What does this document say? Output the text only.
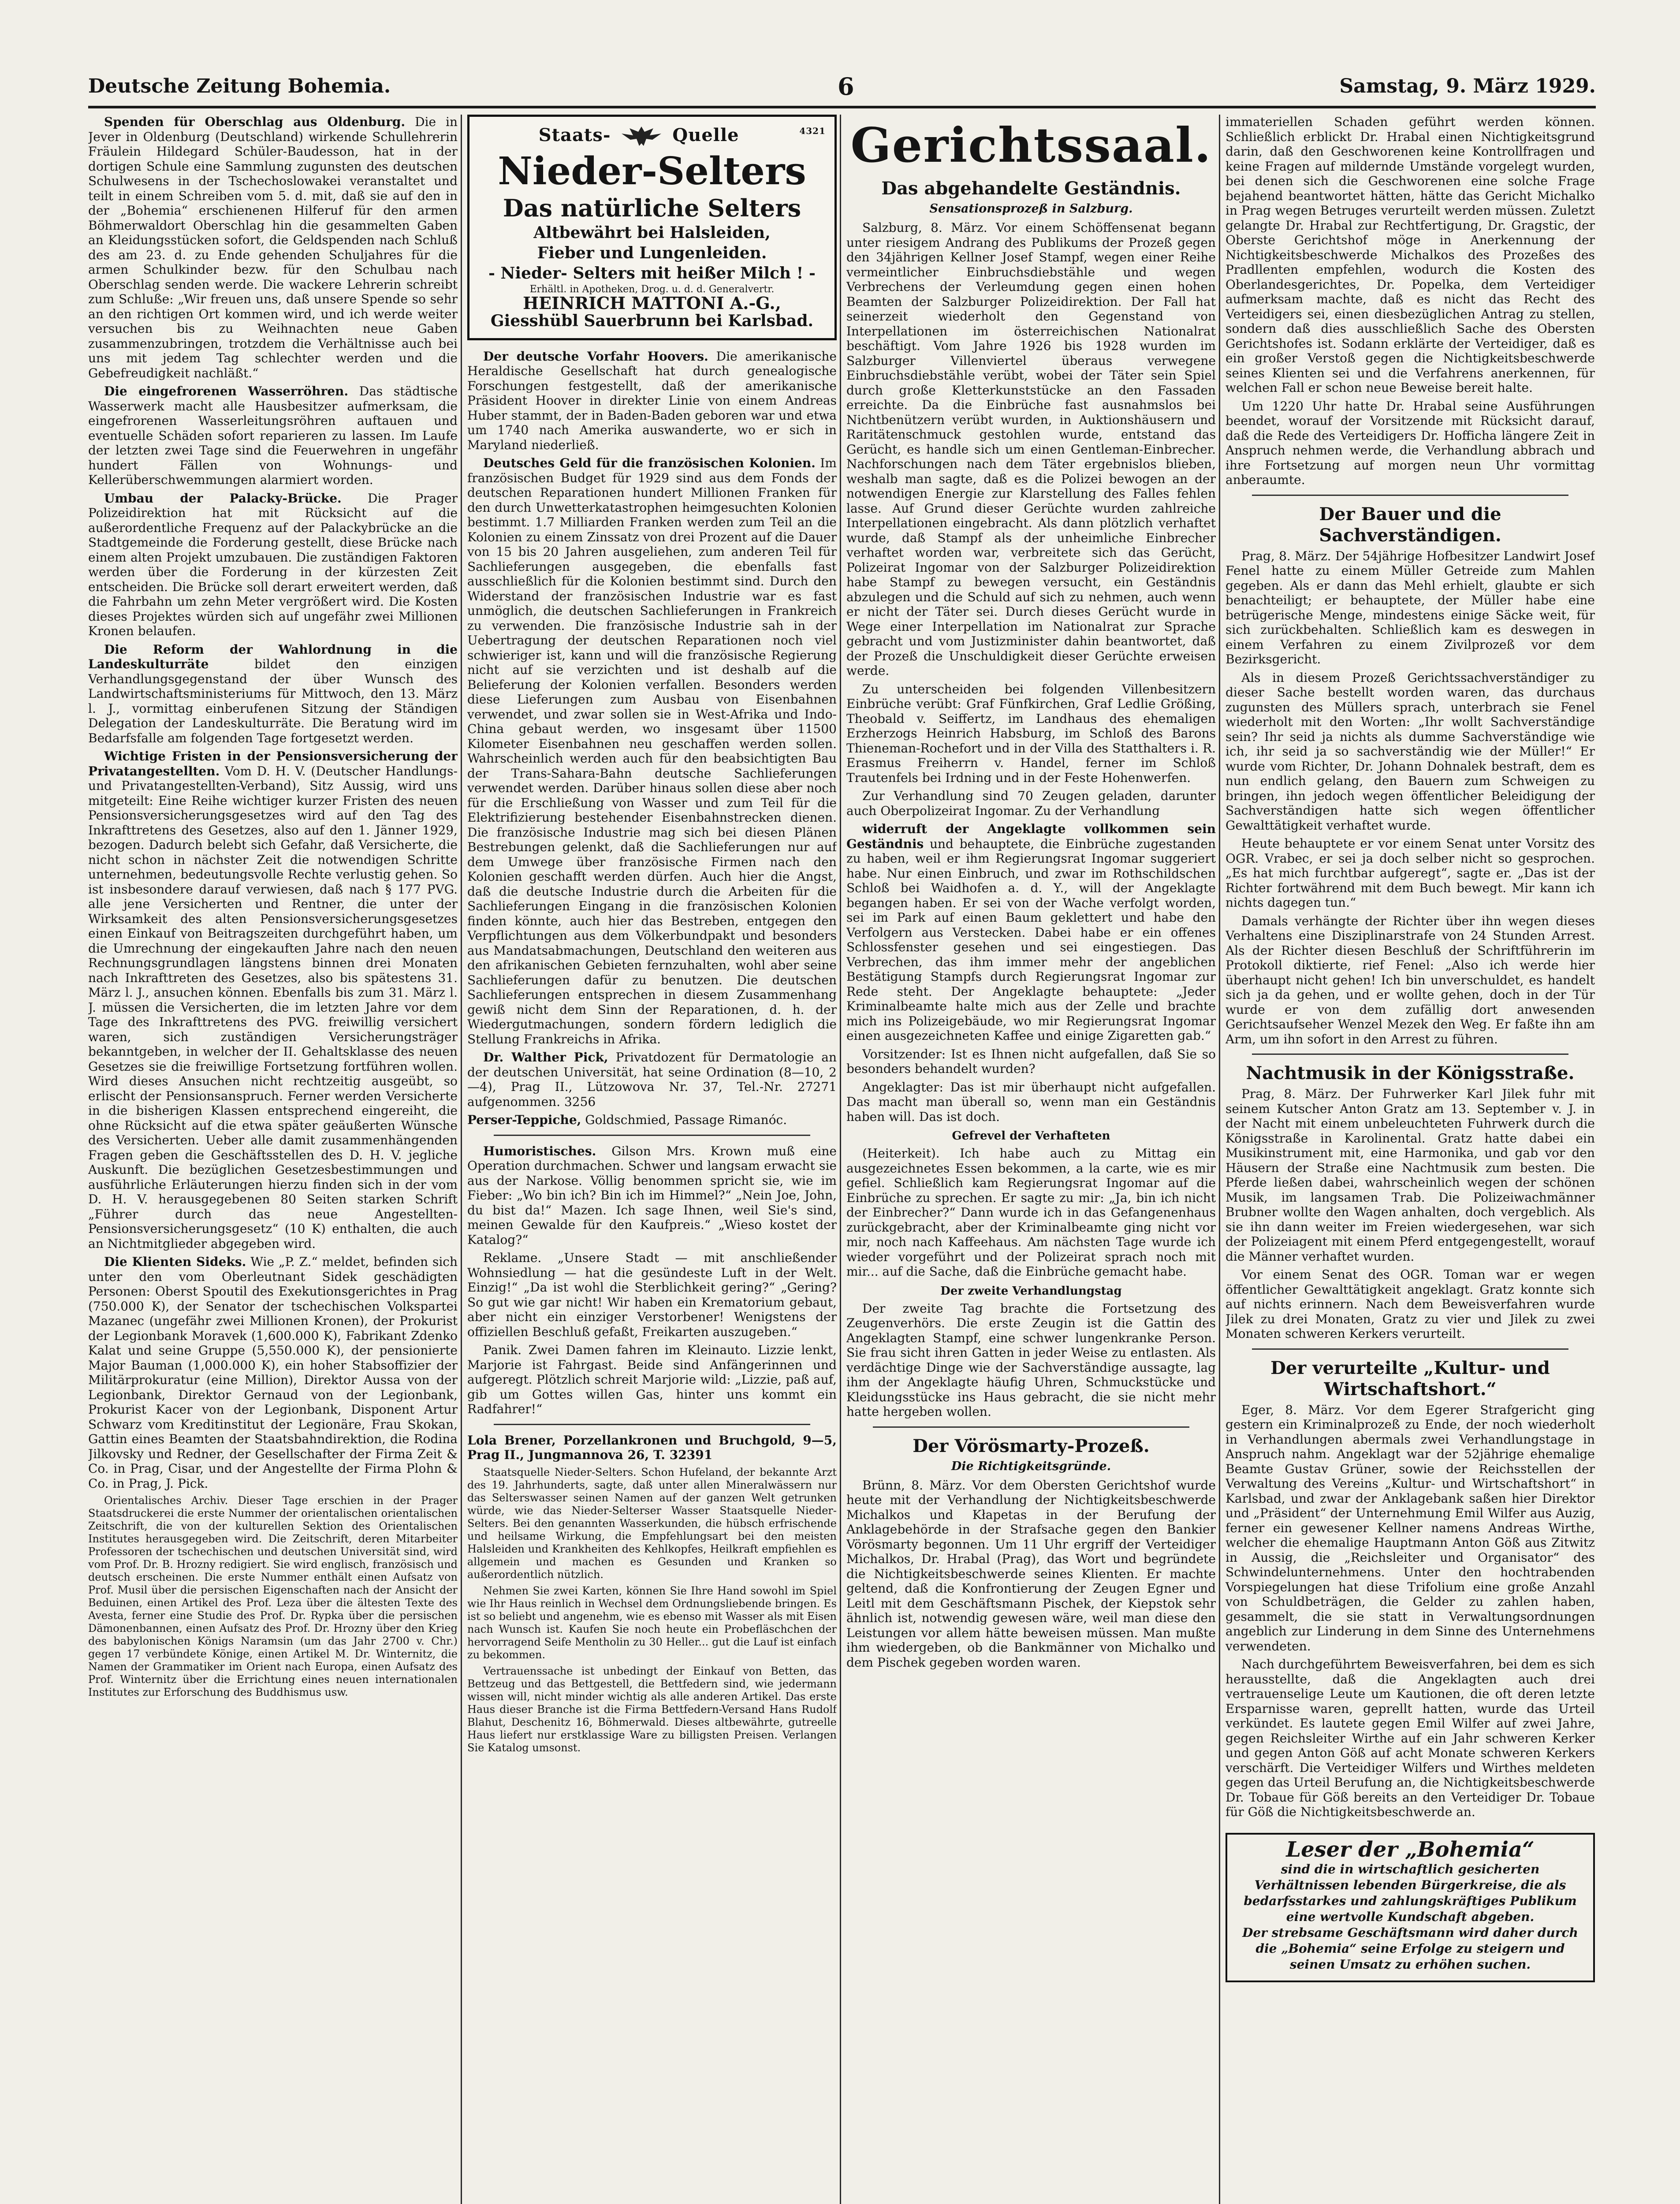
Deutsche Zeitung Bohemia.	6	Samstag, 9. März 1929.

Spenden für Oberschlag aus Oldenburg. Die in Jever in Oldenburg (Deutschland) wirkende Schullehrerin Fräulein Hildegard Schüler-Baudesson, hat in der dortigen Schule eine Sammlung zugunsten des deutschen Schulwesens in der Tschechoslowakei veranstaltet und teilt in einem Schreiben vom 5. d. mit, daß sie auf den in der „Bohemia“ erschienenen Hilferuf für den armen Böhmerwaldort Oberschlag hin die gesammelten Gaben an Kleidungsstücken sofort, die Geldspenden nach Schluß des am 23. d. zu Ende gehenden Schuljahres für die armen Schulkinder bezw. für den Schulbau nach Oberschlag senden werde. Die wackere Lehrerin schreibt zum Schluße: „Wir freuen uns, daß unsere Spende so sehr an den richtigen Ort kommen wird, und ich werde weiter versuchen bis zu Weihnachten neue Gaben zusammenzubringen, trotzdem die Verhältnisse auch bei uns mit jedem Tag schlechter werden und die Gebefreudigkeit nachläßt.“

Die eingefrorenen Wasserröhren. Das städtische Wasserwerk macht alle Hausbesitzer aufmerksam, die eingefrorenen Wasserleitungsröhren auftauen und eventuelle Schäden sofort reparieren zu lassen. Im Laufe der letzten zwei Tage sind die Feuerwehren in ungefähr hundert Fällen von Wohnungs- und Kellerüberschwemmungen alarmiert worden.

Umbau der Palacky-Brücke. Die Prager Polizeidirektion hat mit Rücksicht auf die außerordentliche Frequenz auf der Palackybrücke an die Stadtgemeinde die Forderung gestellt, diese Brücke nach einem alten Projekt umzubauen. Die zuständigen Faktoren werden über die Forderung in der kürzesten Zeit entscheiden. Die Brücke soll derart erweitert werden, daß die Fahrbahn um zehn Meter vergrößert wird. Die Kosten dieses Projektes würden sich auf ungefähr zwei Millionen Kronen belaufen.

Die Reform der Wahlordnung in die Landeskulturräte	bildet den einzigen Verhandlungsgegenstand der über Wunsch des Landwirtschaftsministeriums für Mittwoch, den 13. März l. J., vormittag einberufenen Sitzung der Ständigen Delegation der Landeskulturräte. Die Beratung wird im Bedarfsfalle am folgenden Tage fortgesetzt werden.

Wichtige Fristen in der Pensionsversicherung der Privatangestellten. Vom D. H. V. (Deutscher Handlungs- und Privatangestellten-Verband), Sitz Aussig, wird uns mitgeteilt: Eine Reihe wichtiger kurzer Fristen des neuen Pensionsversicherungsgesetzes wird auf den Tag des Inkrafttretens des Gesetzes, also auf den 1. Jänner 1929, bezogen. Dadurch belebt sich Gefahr, daß Versicherte, die nicht schon in nächster Zeit die notwendigen Schritte unternehmen, bedeutungsvolle Rechte verlustig gehen. So ist insbesondere darauf verwiesen, daß nach § 177 PVG. alle jene Versicherten und Rentner, die unter der Wirksamkeit des alten Pensionsversicherungsgesetzes einen Einkauf von Beitragszeiten durchgeführt haben, um die Umrechnung der eingekauften Jahre nach den neuen Rechnungsgrundlagen längstens binnen drei Monaten nach Inkrafttreten des Gesetzes, also bis spätestens 31. März l. J., ansuchen können. Ebenfalls bis zum 31. März l. J. müssen die Versicherten, die im letzten Jahre vor dem Tage des Inkrafttretens des PVG. freiwillig versichert waren, sich zuständigen Versicherungsträger bekanntgeben, in welcher der II. Gehaltsklasse des neuen Gesetzes sie die freiwillige Fortsetzung fortführen wollen. Wird dieses Ansuchen nicht rechtzeitig ausgeübt, so erlischt der Pensionsanspruch. Ferner werden Versicherte in die bisherigen Klassen entsprechend eingereiht, die ohne Rücksicht auf die etwa später geäußerten Wünsche des Versicherten. Ueber alle damit zusammenhängenden Fragen geben die Geschäftsstellen des D. H. V. jegliche Auskunft. Die bezüglichen Gesetzesbestimmungen und ausführliche Erläuterungen hierzu finden sich in der vom D. H. V. herausgegebenen 80 Seiten starken Schrift „Führer durch das neue Angestellten-Pensionsversicherungsgesetz“ (10 K) enthalten, die auch an Nichtmitglieder abgegeben wird.

Die Klienten Sideks. Wie „P. Z.“ meldet, befinden sich unter den vom Oberleutnant Sidek geschädigten Personen: Oberst Spoutil des Exekutionsgerichtes in Prag (750.000 K), der Senator der tschechischen Volkspartei Mazanec (ungefähr zwei Millionen Kronen), der Prokurist der Legionbank Moravek (1,600.000 K), Fabrikant Zdenko Kalat und seine Gruppe (5,550.000 K), der pensionierte Major Bauman (1,000.000 K), ein hoher Stabsoffizier der Militärprokuratur (eine Million), Direktor Aussa von der Legionbank, Direktor Gernaud von der Legionbank, Prokurist Kacer von der Legionbank, Disponent Artur Schwarz vom Kreditinstitut der Legionäre, Frau Skokan, Gattin eines Beamten der Staatsbahndirektion, die Rodina Jilkovsky und Redner, der Gesellschafter der Firma Zeit & Co. in Prag, Cisar, und der Angestellte der Firma Plohn & Co. in Prag, J. Pick.

Orientalisches Archiv. Dieser Tage erschien in der Prager Staatsdruckerei die erste Nummer der orientalischen orientalischen Zeitschrift, die von der kulturellen Sektion des Orientalischen Institutes herausgegeben wird. Die Zeitschrift, deren Mitarbeiter Professoren der tschechischen und deutschen Universität sind, wird vom Prof. Dr. B. Hrozny redigiert. Sie wird englisch, französisch und deutsch erscheinen. Die erste Nummer enthält einen Aufsatz von Prof. Musil über die persischen Eigenschaften nach der Ansicht der Beduinen, einen Artikel des Prof. Leza über die ältesten Texte des Avesta, ferner eine Studie des Prof. Dr. Rypka über die persischen Dämonenbannen, einen Aufsatz des Prof. Dr. Hrozny über den Krieg des babylonischen Königs Naramsin (um das Jahr 2700 v. Chr.) gegen 17 verbündete Könige, einen Artikel M. Dr. Winternitz, die Namen der Grammatiker im Orient nach Europa, einen Aufsatz des Prof. Winternitz über die Errichtung eines neuen internationalen Institutes zur Erforschung des Buddhismus usw.

Staats-	Quelle	4321
Nieder-Selters
Das natürliche Selters
Altbewährt bei Halsleiden,
Fieber und Lungenleiden.
- Nieder- Selters mit heißer Milch ! -
Erhältl. in Apotheken, Drog. u. d. d. Generalvertr.
HEINRICH MATTONI A.-G.,
Giesshübl Sauerbrunn bei Karlsbad.

Der deutsche Vorfahr Hoovers. Die amerikanische Heraldische Gesellschaft hat durch genealogische Forschungen festgestellt, daß der amerikanische Präsident Hoover in direkter Linie von einem Andreas Huber stammt, der in Baden-Baden geboren war und etwa um 1740 nach Amerika auswanderte, wo er sich in Maryland niederließ.

Deutsches Geld für die französischen Kolonien. Im französischen Budget für 1929 sind aus dem Fonds der deutschen Reparationen hundert Millionen Franken für den durch Unwetterkatastrophen heimgesuchten Kolonien bestimmt. 1.7 Milliarden Franken werden zum Teil an die Kolonien zu einem Zinssatz von drei Prozent auf die Dauer von 15 bis 20 Jahren ausgeliehen, zum anderen Teil für Sachlieferungen ausgegeben, die ebenfalls fast ausschließlich für die Kolonien bestimmt sind. Durch den Widerstand der französischen Industrie war es fast unmöglich, die deutschen Sachlieferungen in Frankreich zu verwenden. Die französische Industrie sah in der Uebertragung der deutschen Reparationen noch viel schwieriger ist, kann und will die französische Regierung nicht auf sie verzichten und ist deshalb auf die Belieferung der Kolonien verfallen. Besonders werden diese Lieferungen zum Ausbau von Eisenbahnen verwendet, und zwar sollen sie in West-Afrika und Indo-China gebaut werden, wo insgesamt über 11500 Kilometer Eisenbahnen neu geschaffen werden sollen. Wahrscheinlich werden auch für den beabsichtigten Bau der Trans-Sahara-Bahn deutsche Sachlieferungen verwendet werden. Darüber hinaus sollen diese aber noch für die Erschließung von Wasser und zum Teil für die Elektrifizierung bestehender Eisenbahnstrecken dienen. Die französische Industrie mag sich bei diesen Plänen Bestrebungen gelenkt, daß die Sachlieferungen nur auf dem Umwege über französische Firmen nach den Kolonien geschafft werden dürfen. Auch hier die Angst, daß die deutsche Industrie durch die Arbeiten für die Sachlieferungen Eingang in die französischen Kolonien finden könnte, auch hier das Bestreben, entgegen den Verpflichtungen aus dem Völkerbundpakt und besonders aus Mandatsabmachungen, Deutschland den weiteren aus den afrikanischen Gebieten fernzuhalten, wohl aber seine Sachlieferungen dafür zu benutzen. Die deutschen Sachlieferungen entsprechen in diesem Zusammenhang gewiß nicht dem Sinn der Reparationen, d. h. der Wiedergutmachungen, sondern fördern lediglich die Stellung Frankreichs in Afrika.

Dr. Walther Pick, Privatdozent für Dermatologie an der deutschen Universität, hat seine Ordination (8—10, 2—4), Prag II., Lützowova Nr. 37, Tel.-Nr. 27271 aufgenommen. 3256

Perser-Teppiche, Goldschmied, Passage Rimanóc.

Humoristisches. Gilson Mrs. Krown muß eine Operation durchmachen. Schwer und langsam erwacht sie aus der Narkose. Völlig benommen spricht sie, wie im Fieber: „Wo bin ich? Bin ich im Himmel?“ „Nein Joe, John, du bist da!“ Mazen. Ich sage Ihnen, weil Sie's sind, meinen Gewalde für den Kaufpreis.“ „Wieso kostet der Katalog?“

Reklame. „Unsere Stadt — mit anschließender Wohnsiedlung — hat die gesündeste Luft in der Welt. Einzig!“ „Da ist wohl die Sterblichkeit gering?“ „Gering? So gut wie gar nicht! Wir haben ein Krematorium gebaut, aber nicht ein einziger Verstorbener! Wenigstens der offiziellen Beschluß gefaßt, Freikarten auszugeben.“

Panik. Zwei Damen fahren im Kleinauto. Lizzie lenkt, Marjorie ist Fahrgast. Beide sind Anfängerinnen und aufgeregt. Plötzlich schreit Marjorie wild: „Lizzie, paß auf, gib um Gottes willen Gas, hinter uns kommt ein Radfahrer!“

Lola Brener, Porzellankronen und Bruchgold, 9—5, Prag II., Jungmannova 26, T. 32391

Staatsquelle Nieder-Selters. Schon Hufeland, der bekannte Arzt des 19. Jahrhunderts, sagte, daß unter allen Mineralwässern nur das Selterswasser seinen Namen auf der ganzen Welt getrunken würde, wie das Nieder-Selterser Wasser Staatsquelle Nieder-Selters. Bei den genannten Wasserkunden, die hübsch erfrischende und heilsame Wirkung, die Empfehlungsart bei den meisten Halsleiden und Krankheiten des Kehlkopfes, Heilkraft empfiehlen es allgemein und machen es Gesunden und Kranken so außerordentlich nützlich.

Nehmen Sie zwei Karten, können Sie Ihre Hand sowohl im Spiel wie Ihr Haus reinlich in Wechsel dem Ordnungsliebende bringen. Es ist so beliebt und angenehm, wie es ebenso mit Wasser als mit Eisen nach Wunsch ist. Kaufen Sie noch heute ein Probefläschchen der hervorragend Seife Mentholin zu 30 Heller... gut die Lauf ist einfach zu bekommen.

Vertrauenssache ist unbedingt der Einkauf von Betten, das Bettzeug und das Bettgestell, die Bettfedern sind, wie jedermann wissen will, nicht minder wichtig als alle anderen Artikel. Das erste Haus dieser Branche ist die Firma Bettfedern-Versand Hans Rudolf Blahut, Deschenitz 16, Böhmerwald. Dieses altbewährte, gutreelle Haus liefert nur erstklassige Ware zu billigsten Preisen. Verlangen Sie Katalog umsonst.

Gerichtssaal.
Das abgehandelte Geständnis.
Sensationsprozeß in Salzburg.

Salzburg, 8. März. Vor einem Schöffensenat begann unter riesigem Andrang des Publikums der Prozeß gegen den 34jährigen Kellner Josef Stampf, wegen einer Reihe vermeintlicher Einbruchsdiebstähle und wegen Verbrechens der Verleumdung gegen einen hohen Beamten der Salzburger Polizeidirektion. Der Fall hat seinerzeit wiederholt den Gegenstand von Interpellationen im österreichischen Nationalrat beschäftigt. Vom Jahre 1926 bis 1928 wurden im Salzburger Villenviertel überaus verwegene Einbruchsdiebstähle verübt, wobei der Täter sein Spiel durch große Kletterkunststücke an den Fassaden erreichte. Da die Einbrüche fast ausnahmslos bei Nichtbenützern verübt wurden, in Auktionshäusern und Raritätenschmuck gestohlen wurde, entstand das Gerücht, es handle sich um einen Gentleman-Einbrecher. Nachforschungen nach dem Täter ergebnislos blieben, weshalb man sagte, daß es die Polizei bewogen an der notwendigen Energie zur Klarstellung des Falles fehlen lasse. Auf Grund dieser Gerüchte wurden zahlreiche Interpellationen eingebracht. Als dann plötzlich verhaftet wurde, daß Stampf als der unheimliche Einbrecher verhaftet worden war, verbreitete sich das Gerücht, Polizeirat Ingomar von der Salzburger Polizeidirektion habe Stampf zu bewegen versucht, ein Geständnis abzulegen und die Schuld auf sich zu nehmen, auch wenn er nicht der Täter sei. Durch dieses Gerücht wurde in Wege einer Interpellation im Nationalrat zur Sprache gebracht und vom Justizminister dahin beantwortet, daß der Prozeß die Unschuldigkeit dieser Gerüchte erweisen werde.

Zu unterscheiden bei folgenden Villenbesitzern Einbrüche verübt: Graf Fünfkirchen, Graf Ledlie Größing, Theobald v. Seiffertz, im Landhaus des ehemaligen Erzherzogs Heinrich Habsburg, im Schloß des Barons Thieneman-Rochefort und in der Villa des Statthalters i. R. Erasmus Freiherrn v. Handel, ferner im Schloß Trautenfels bei Irdning und in der Feste Hohenwerfen.

Zur Verhandlung sind 70 Zeugen geladen, darunter auch Oberpolizeirat Ingomar. Zu der Verhandlung

widerruft der Angeklagte vollkommen sein Geständnis und behauptete, die Einbrüche zugestanden zu haben, weil er ihm Regierungsrat Ingomar suggeriert habe. Nur einen Einbruch, und zwar im Rothschildschen Schloß bei Waidhofen a. d. Y., will der Angeklagte begangen haben. Er sei von der Wache verfolgt worden, sei im Park auf einen Baum geklettert und habe den Verfolgern aus Verstecken. Dabei habe er ein offenes Schlossfenster gesehen und sei eingestiegen. Das Verbrechen, das ihm immer mehr der angeblichen Bestätigung Stampfs durch Regierungsrat Ingomar zur Rede steht. Der Angeklagte behauptete: „Jeder Kriminalbeamte halte mich aus der Zelle und brachte mich ins Polizeigebäude, wo mir Regierungsrat Ingomar einen ausgezeichneten Kaffee und einige Zigaretten gab.“

Vorsitzender: Ist es Ihnen nicht aufgefallen, daß Sie so besonders behandelt wurden?

Angeklagter: Das ist mir überhaupt nicht aufgefallen. Das macht man überall so, wenn man ein Geständnis haben will. Das ist doch.

Gefrevel der Verhafteten

(Heiterkeit). Ich habe auch zu Mittag ein ausgezeichnetes Essen bekommen, a la carte, wie es mir gefiel. Schließlich kam Regierungsrat Ingomar auf die Einbrüche zu sprechen. Er sagte zu mir: „Ja, bin ich nicht der Einbrecher?“ Dann wurde ich in das Gefangenenhaus zurückgebracht, aber der Kriminalbeamte ging nicht vor mir, noch nach Kaffeehaus. Am nächsten Tage wurde ich wieder vorgeführt und der Polizeirat sprach noch mit mir... auf die Sache, daß die Einbrüche gemacht habe.

Der zweite Verhandlungstag

Der zweite Tag brachte die Fortsetzung des Zeugenverhörs. Die erste Zeugin ist die Gattin des Angeklagten Stampf, eine schwer lungenkranke Person. Sie frau sicht ihren Gatten in jeder Weise zu entlasten. Als verdächtige Dinge wie der Sachverständige aussagte, lag ihm der Angeklagte häufig Uhren, Schmuckstücke und Kleidungsstücke ins Haus gebracht, die sie nicht mehr hatte hergeben wollen.

Der Vörösmarty-Prozeß.
Die Richtigkeitsgründe.

Brünn, 8. März. Vor dem Obersten Gerichtshof wurde heute mit der Verhandlung der Nichtigkeitsbeschwerde Michalkos und Kłapetas in der Berufung der Anklagebehörde in der Strafsache gegen den Bankier Vörösmarty begonnen. Um 11 Uhr ergriff der Verteidiger Michalkos, Dr. Hrabal (Prag), das Wort und begründete die Nichtigkeitsbeschwerde seines Klienten. Er machte geltend, daß die Konfrontierung der Zeugen Egner und Leitl mit dem Geschäftsmann Pischek, der Kiepstok sehr ähnlich ist, notwendig gewesen wäre, weil man diese den Leistungen vor allem hätte beweisen müssen. Man mußte ihm wiedergeben, ob die Bankmänner von Michalko und dem Pischek gegeben worden waren.

immateriellen Schaden geführt werden können. Schließlich erblickt Dr. Hrabal einen Nichtigkeitsgrund darin, daß den Geschworenen keine Kontrollfragen und keine Fragen auf mildernde Umstände vorgelegt wurden, bei denen sich die Geschworenen eine solche Frage bejahend beantwortet hätten, hätte das Gericht Michalko in Prag wegen Betruges verurteilt werden müssen. Zuletzt gelangte Dr. Hrabal zur Rechtfertigung, Dr. Gragstic, der Oberste Gerichtshof möge in Anerkennung der Nichtigkeitsbeschwerde Michalkos des Prozeßes des Pradllenten empfehlen, wodurch die Kosten des Oberlandesgerichtes, Dr. Popelka, dem Verteidiger aufmerksam machte, daß es nicht das Recht des Verteidigers sei, einen diesbezüglichen Antrag zu stellen, sondern daß dies ausschließlich Sache des Obersten Gerichtshofes ist. Sodann erklärte der Verteidiger, daß es ein großer Verstoß gegen die Nichtigkeitsbeschwerde seines Klienten sei und die Verfahrens anerkennen, für welchen Fall er schon neue Beweise bereit halte.

Um 1220 Uhr hatte Dr. Hrabal seine Ausführungen beendet, worauf der Vorsitzende mit Rücksicht darauf, daß die Rede des Verteidigers Dr. Hofficha längere Zeit in Anspruch nehmen werde, die Verhandlung abbrach und ihre Fortsetzung auf morgen neun Uhr vormittag anberaumte.

Der Bauer und die Sachverständigen.

Prag, 8. März. Der 54jährige Hofbesitzer Landwirt Josef Fenel hatte zu einem Müller Getreide zum Mahlen gegeben. Als er dann das Mehl erhielt, glaubte er sich benachteiligt; er behauptete, der Müller habe eine betrügerische Menge, mindestens einige Säcke weit, für sich zurückbehalten. Schließlich kam es deswegen in einem Verfahren zu einem Zivilprozeß vor dem Bezirksgericht.

Als in diesem Prozeß Gerichtssachverständiger zu dieser Sache bestellt worden waren, das durchaus zugunsten des Müllers sprach, unterbrach sie Fenel wiederholt mit den Worten: „Ihr wollt Sachverständige sein? Ihr seid ja nichts als dumme Sachverständige wie ich, ihr seid ja so sachverständig wie der Müller!“ Er wurde vom Richter, Dr. Johann Dohnalek bestraft, dem es nun endlich gelang, den Bauern zum Schweigen zu bringen, ihn jedoch wegen öffentlicher Beleidigung der Sachverständigen hatte sich wegen öffentlicher Gewalttätigkeit verhaftet wurde.

Heute behauptete er vor einem Senat unter Vorsitz des OGR. Vrabec, er sei ja doch selber nicht so gesprochen. „Es hat mich furchtbar aufgeregt“, sagte er. „Das ist der Richter fortwährend mit dem Buch bewegt. Mir kann ich nichts dagegen tun.“

Damals verhängte der Richter über ihn wegen dieses Verhaltens eine Disziplinarstrafe von 24 Stunden Arrest. Als der Richter diesen Beschluß der Schriftführerin im Protokoll diktierte, rief Fenel: „Also ich werde hier überhaupt nicht gehen! Ich bin unverschuldet, es handelt sich ja da gehen, und er wollte gehen, doch in der Tür wurde er von dem zufällig dort anwesenden Gerichtsaufseher Wenzel Mezek den Weg. Er faßte ihn am Arm, um ihn sofort in den Arrest zu führen.

Nachtmusik in der Königsstraße.

Prag, 8. März. Der Fuhrwerker Karl Jilek fuhr mit seinem Kutscher Anton Gratz am 13. September v. J. in der Nacht mit einem unbeleuchteten Fuhrwerk durch die Königsstraße in Karolinental. Gratz hatte dabei ein Musikinstrument mit, eine Harmonika, und gab vor den Häusern der Straße eine Nachtmusik zum besten. Die Pferde ließen dabei, wahrscheinlich wegen der schönen Musik, im langsamen Trab. Die Polizeiwachmänner Brubner wollte den Wagen anhalten, doch vergeblich. Als sie ihn dann weiter im Freien wiedergesehen, war sich der Polizeiagent mit einem Pferd entgegengestellt, worauf die Männer verhaftet wurden.

Vor einem Senat des OGR. Toman war er wegen öffentlicher Gewalttätigkeit angeklagt. Gratz konnte sich auf nichts erinnern. Nach dem Beweisverfahren wurde Jilek zu drei Monaten, Gratz zu vier und Jilek zu zwei Monaten schweren Kerkers verurteilt.

Der verurteilte „Kultur- und Wirtschaftshort.“

Eger, 8. März. Vor dem Egerer Strafgericht ging gestern ein Kriminalprozeß zu Ende, der noch wiederholt in Verhandlungen abermals zwei Verhandlungstage in Anspruch nahm. Angeklagt war der 52jährige ehemalige Beamte Gustav Grüner, sowie der Reichsstellen der Verwaltung des Vereins „Kultur- und Wirtschaftshort“ in Karlsbad, und zwar der Anklagebank saßen hier Direktor und „Präsident“ der Unternehmung Emil Wilfer aus Auzig, ferner ein gewesener Kellner namens Andreas Wirthe, welcher die ehemalige Hauptmann Anton Göß aus Zitwitz in Aussig, die „Reichsleiter und Organisator“ des Schwindelunternehmens. Unter den hochtrabenden Vorspiegelungen hat diese Trifolium eine große Anzahl von Schuldbeträgen, die Gelder zu zahlen haben, gesammelt, die sie statt in Verwaltungsordnungen angeblich zur Linderung in dem Sinne des Unternehmens verwendeten.

Nach durchgeführtem Beweisverfahren, bei dem es sich herausstellte, daß die Angeklagten auch drei vertrauenselige Leute um Kautionen, die oft deren letzte Ersparnisse waren, geprellt hatten, wurde das Urteil verkündet. Es lautete gegen Emil Wilfer auf zwei Jahre, gegen Reichsleiter Wirthe auf ein Jahr schweren Kerker und gegen Anton Göß auf acht Monate schweren Kerkers verschärft. Die Verteidiger Wilfers und Wirthes meldeten gegen das Urteil Berufung an, die Nichtigkeitsbeschwerde Dr. Tobaue für Göß bereits an den Verteidiger Dr. Tobaue für Göß die Nichtigkeitsbeschwerde an.

Leser der „Bohemia“
sind die in wirtschaftlich gesicherten Verhältnissen lebenden Bürgerkreise, die als bedarfsstarkes und zahlungskräftiges Publikum eine wertvolle Kundschaft abgeben.
Der strebsame Geschäftsmann wird daher durch die „Bohemia“ seine Erfolge zu steigern und seinen Umsatz zu erhöhen suchen.
